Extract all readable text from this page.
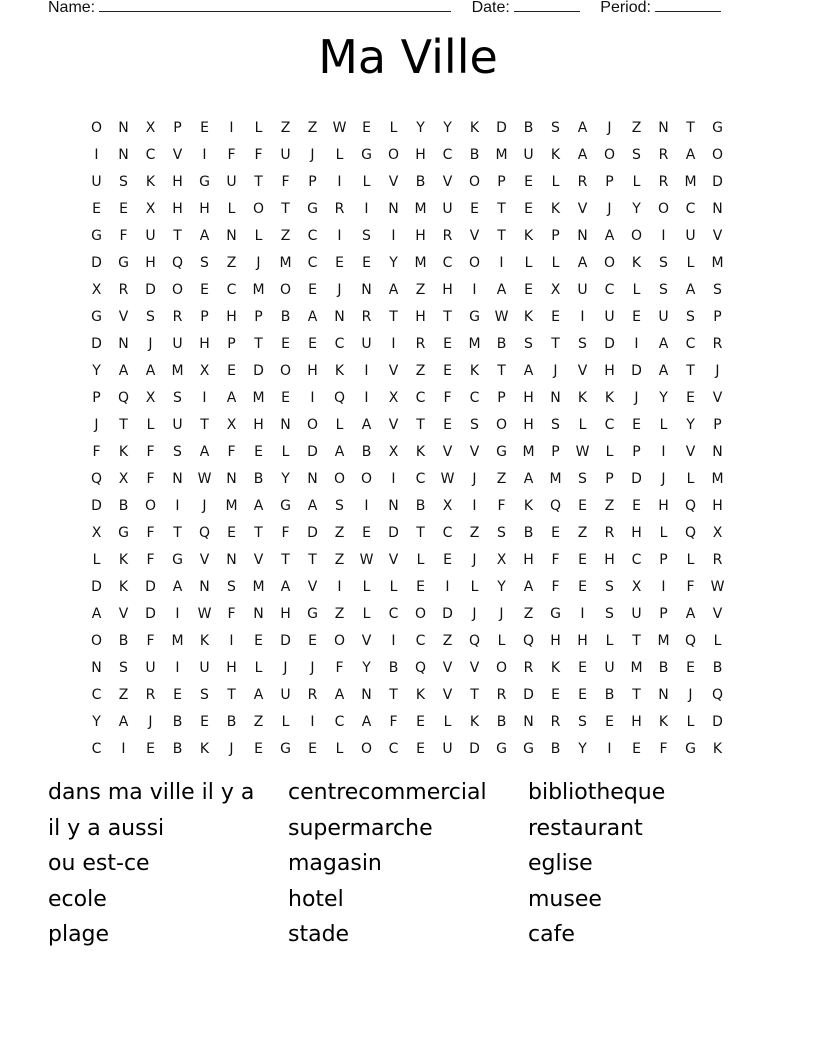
Name:	Date:	Period:
Ma Ville
O	N	X	P	E	I	L	Z	Z	W	E	L	Y	Y	K	D	B	S	A	J	Z	N	T	G
I	N	C	V	I	F	F	U	J	L	G	O	H	C	B	M	U	K	A	O	S	R	A	O
U	S	K	H	G	U	T	F	P	I	L	V	B	V	O	P	E	L	R	P	L	R	M	D
E	E	X	H	H	L	O	T	G	R	I	N	M	U	E	T	E	K	V	J	Y	O	C	N
G	F	U	T	A	N	L	Z	C	I	S	I	H	R	V	T	K	P	N	A	O	I	U	V
D	G	H	Q	S	Z	J	M	C	E	E	Y	M	C	O	I	L	L	A	O	K	S	L	M
X	R	D	O	E	C	M	O	E	J	N	A	Z	H	I	A	E	X	U	C	L	S	A	S
G	V	S	R	P	H	P	B	A	N	R	T	H	T	G	W	K	E	I	U	E	U	S	P
D	N	J	U	H	P	T	E	E	C	U	I	R	E	M	B	S	T	S	D	I	A	C	R
Y	A	A	M	X	E	D	O	H	K	I	V	Z	E	K	T	A	J	V	H	D	A	T	J
P	Q	X	S	I	A	M	E	I	Q	I	X	C	F	C	P	H	N	K	K	J	Y	E	V
J	T	L	U	T	X	H	N	O	L	A	V	T	E	S	O	H	S	L	C	E	L	Y	P
F	K	F	S	A	F	E	L	D	A	B	X	K	V	V	G	M	P	W	L	P	I	V	N
Q	X	F	N	W	N	B	Y	N	O	O	I	C	W	J	Z	A	M	S	P	D	J	L	M
D	B	O	I	J	M	A	G	A	S	I	N	B	X	I	F	K	Q	E	Z	E	H	Q	H
X	G	F	T	Q	E	T	F	D	Z	E	D	T	C	Z	S	B	E	Z	R	H	L	Q	X
L	K	F	G	V	N	V	T	T	Z	W	V	L	E	J	X	H	F	E	H	C	P	L	R
D	K	D	A	N	S	M	A	V	I	L	L	E	I	L	Y	A	F	E	S	X	I	F	W
A	V	D	I	W	F	N	H	G	Z	L	C	O	D	J	J	Z	G	I	S	U	P	A	V
O	B	F	M	K	I	E	D	E	O	V	I	C	Z	Q	L	Q	H	H	L	T	M	Q	L
N	S	U	I	U	H	L	J	J	F	Y	B	Q	V	V	O	R	K	E	U	M	B	E	B
C	Z	R	E	S	T	A	U	R	A	N	T	K	V	T	R	D	E	E	B	T	N	J	Q
Y	A	J	B	E	B	Z	L	I	C	A	F	E	L	K	B	N	R	S	E	H	K	L	D
C	I	E	B	K	J	E	G	E	L	O	C	E	U	D	G	G	B	Y	I	E	F	G	K
dans ma ville il y a	centrecommercial	bibliotheque
il y a aussi	supermarche	restaurant
ou est-ce	magasin	eglise
ecole	hotel	musee
plage	stade	cafe
